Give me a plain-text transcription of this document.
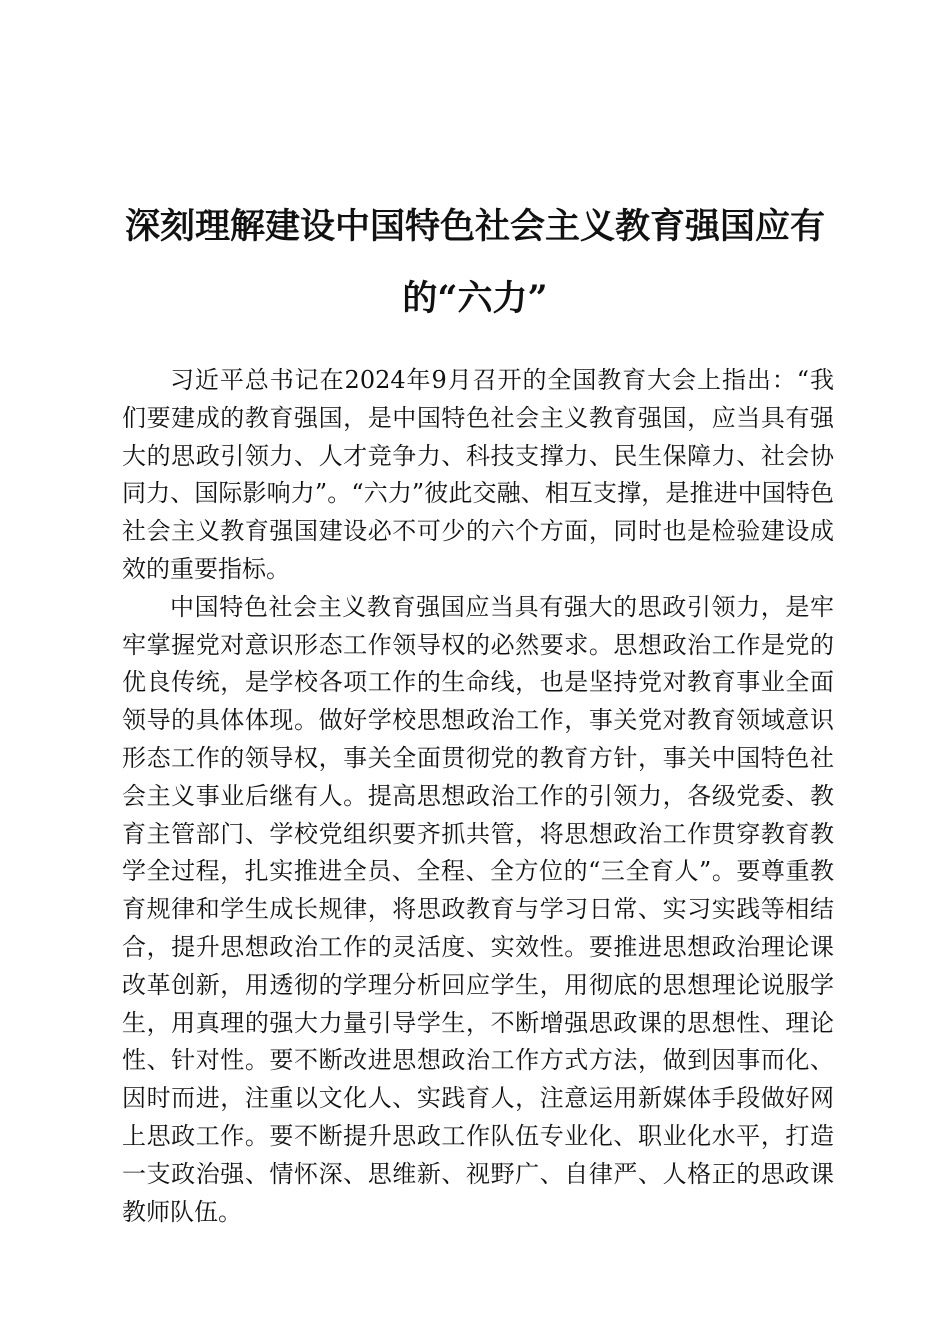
深刻理解建设中国特色社会主义教育强国应有
的“六力”

习近平总书记在2024年9月召开的全国教育大会上指出：“我们要建成的教育强国，是中国特色社会主义教育强国，应当具有强大的思政引领力、人才竞争力、科技支撑力、民生保障力、社会协同力、国际影响力”。“六力”彼此交融、相互支撑，是推进中国特色社会主义教育强国建设必不可少的六个方面，同时也是检验建设成效的重要指标。

中国特色社会主义教育强国应当具有强大的思政引领力，是牢牢掌握党对意识形态工作领导权的必然要求。思想政治工作是党的优良传统，是学校各项工作的生命线，也是坚持党对教育事业全面领导的具体体现。做好学校思想政治工作，事关党对教育领域意识形态工作的领导权，事关全面贯彻党的教育方针，事关中国特色社会主义事业后继有人。提高思想政治工作的引领力，各级党委、教育主管部门、学校党组织要齐抓共管，将思想政治工作贯穿教育教学全过程，扎实推进全员、全程、全方位的“三全育人”。要尊重教育规律和学生成长规律，将思政教育与学习日常、实习实践等相结合，提升思想政治工作的灵活度、实效性。要推进思想政治理论课改革创新，用透彻的学理分析回应学生，用彻底的思想理论说服学生，用真理的强大力量引导学生，不断增强思政课的思想性、理论性、针对性。要不断改进思想政治工作方式方法，做到因事而化、因时而进，注重以文化人、实践育人，注意运用新媒体手段做好网上思政工作。要不断提升思政工作队伍专业化、职业化水平，打造一支政治强、情怀深、思维新、视野广、自律严、人格正的思政课教师队伍。
